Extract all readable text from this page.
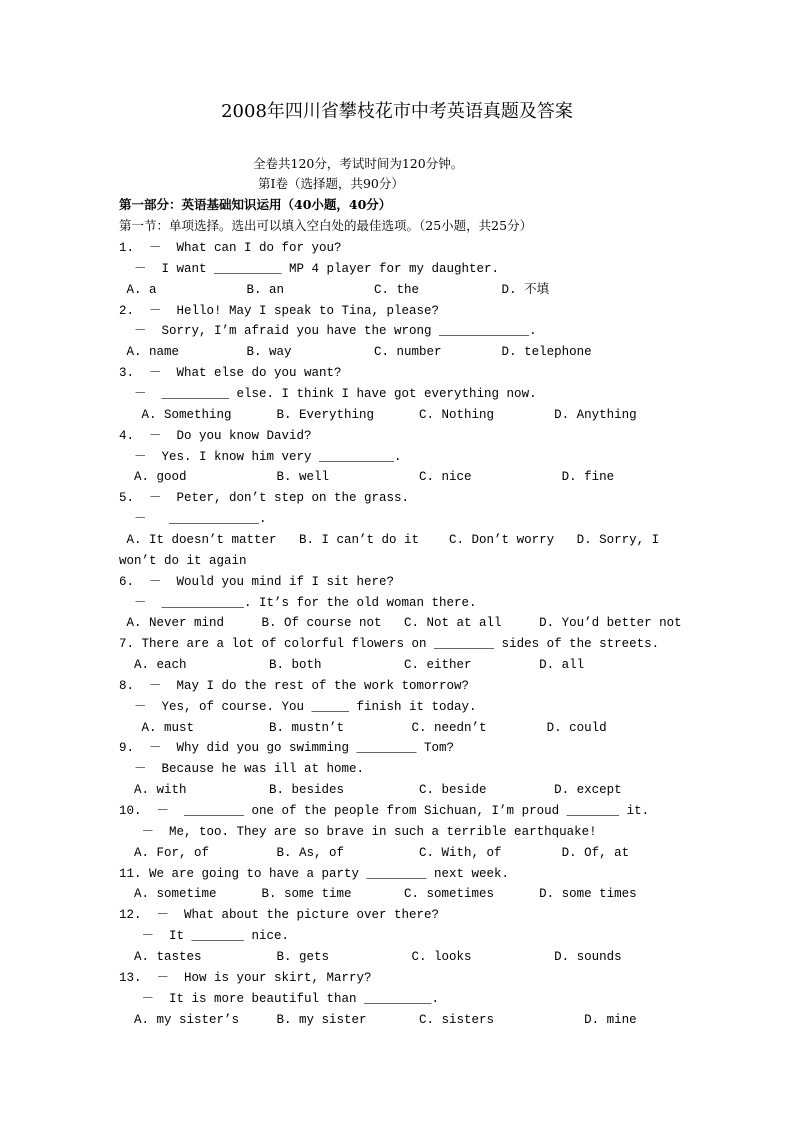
2008年四川省攀枝花市中考英语真题及答案
全卷共120分，考试时间为120分钟。
第Ⅰ卷（选择题，共90分）
第一部分：英语基础知识运用（40小题，40分）
第一节：单项选择。选出可以填入空白处的最佳选项。（25小题，共25分）
1.  －  What can I do for you?
－  I want _________ MP 4 player for my daughter.
A. a            B. an            C. the           D. 不填
2.  －  Hello! May I speak to Tina, please?
－  Sorry, I’m afraid you have the wrong ____________.
A. name         B. way           C. number        D. telephone
3.  －  What else do you want?
－  _________ else. I think I have got everything now.
A. Something      B. Everything      C. Nothing        D. Anything
4.  －  Do you know David?
－  Yes. I know him very __________.
A. good            B. well            C. nice            D. fine
5.  －  Peter, don’t step on the grass.
－   ____________.
A. It doesn’t matter   B. I can’t do it    C. Don’t worry   D. Sorry, I
won’t do it again
6.  －  Would you mind if I sit here?
－  ___________. It’s for the old woman there.
A. Never mind     B. Of course not   C. Not at all     D. You’d better not
7. There are a lot of colorful flowers on ________ sides of the streets.
A. each           B. both           C. either         D. all
8.  －  May I do the rest of the work tomorrow?
－  Yes, of course. You _____ finish it today.
A. must          B. mustn’t         C. needn’t        D. could
9.  －  Why did you go swimming ________ Tom?
－  Because he was ill at home.
A. with           B. besides          C. beside         D. except
10.  －  ________ one of the people from Sichuan, I’m proud _______ it.
－  Me, too. They are so brave in such a terrible earthquake!
A. For, of         B. As, of          C. With, of        D. Of, at
11. We are going to have a party ________ next week.
A. sometime      B. some time       C. sometimes      D. some times
12.  －  What about the picture over there?
－  It _______ nice.
A. tastes          B. gets           C. looks           D. sounds
13.  －  How is your skirt, Marry?
－  It is more beautiful than _________.
A. my sister’s     B. my sister       C. sisters            D. mine
